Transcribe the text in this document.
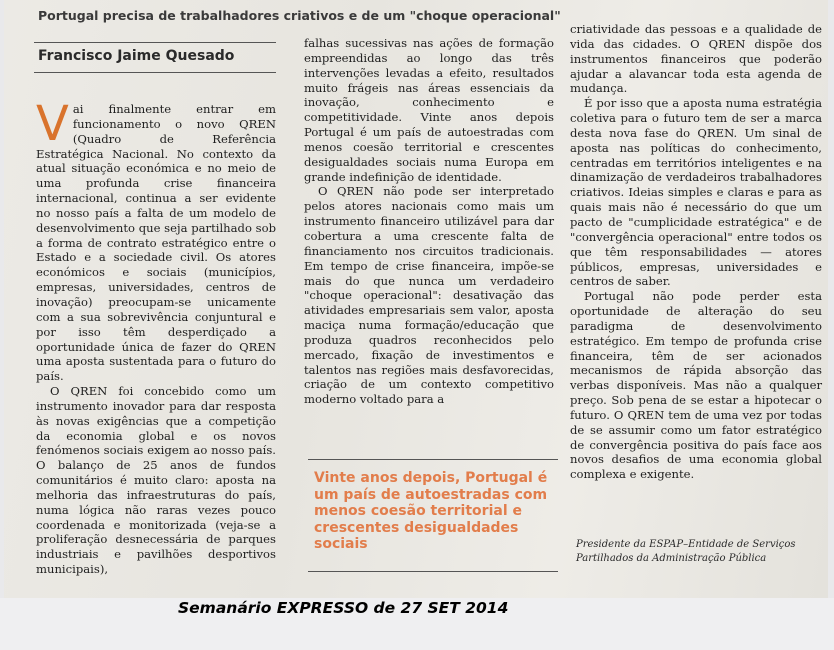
Portugal precisa de trabalhadores criativos e de um "choque operacional"
Francisco Jaime Quesado

Vai finalmente entrar em funcionamento o novo QREN (Quadro de Referência Estratégica Nacional. No contexto da atual situação económica e no meio de uma profunda crise financeira internacional, continua a ser evidente no nosso país a falta de um modelo de desenvolvimento que seja partilhado sob a forma de contrato estratégico entre o Estado e a sociedade civil. Os atores económicos e sociais (municípios, empresas, universidades, centros de inovação) preocupam-se unicamente com a sua sobrevivência conjuntural e por isso têm desperdiçado a oportunidade única de fazer do QREN uma aposta sustentada para o futuro do país.

O QREN foi concebido como um instrumento inovador para dar resposta às novas exigências que a competição da economia global e os novos fenómenos sociais exigem ao nosso país. O balanço de 25 anos de fundos comunitários é muito claro: aposta na melhoria das infraestruturas do país, numa lógica não raras vezes pouco coordenada e monitorizada (veja-se a proliferação desnecessária de parques industriais e pavilhões desportivos municipais),

falhas sucessivas nas ações de formação empreendidas ao longo das três intervenções levadas a efeito, resultados muito frágeis nas áreas essenciais da inovação, conhecimento e competitividade. Vinte anos depois Portugal é um país de autoestradas com menos coesão territorial e crescentes desigualdades sociais numa Europa em grande indefinição de identidade.

O QREN não pode ser interpretado pelos atores nacionais como mais um instrumento financeiro utilizável para dar cobertura a uma crescente falta de financiamento nos circuitos tradicionais. Em tempo de crise financeira, impõe-se mais do que nunca um verdadeiro "choque operacional": desativação das atividades empresariais sem valor, aposta maciça numa formação/educação que produza quadros reconhecidos pelo mercado, fixação de investimentos e talentos nas regiões mais desfavorecidas, criação de um contexto competitivo moderno voltado para a

Vinte anos depois, Portugal é um país de autoestradas com menos coesão territorial e crescentes desigualdades sociais

criatividade das pessoas e a qualidade de vida das cidades. O QREN dispõe dos instrumentos financeiros que poderão ajudar a alavancar toda esta agenda de mudança.

É por isso que a aposta numa estratégia coletiva para o futuro tem de ser a marca desta nova fase do QREN. Um sinal de aposta nas políticas do conhecimento, centradas em territórios inteligentes e na dinamização de verdadeiros trabalhadores criativos. Ideias simples e claras e para as quais mais não é necessário do que um pacto de "cumplicidade estratégica" e de "convergência operacional" entre todos os que têm responsabilidades — atores públicos, empresas, universidades e centros de saber.

Portugal não pode perder esta oportunidade de alteração do seu paradigma de desenvolvimento estratégico. Em tempo de profunda crise financeira, têm de ser acionados mecanismos de rápida absorção das verbas disponíveis. Mas não a qualquer preço. Sob pena de se estar a hipotecar o futuro. O QREN tem de uma vez por todas de se assumir como um fator estratégico de convergência positiva do país face aos novos desafios de uma economia global complexa e exigente.

Presidente da ESPAP–Entidade de Serviços Partilhados da Administração Pública
Semanário EXPRESSO de 27 SET 2014
